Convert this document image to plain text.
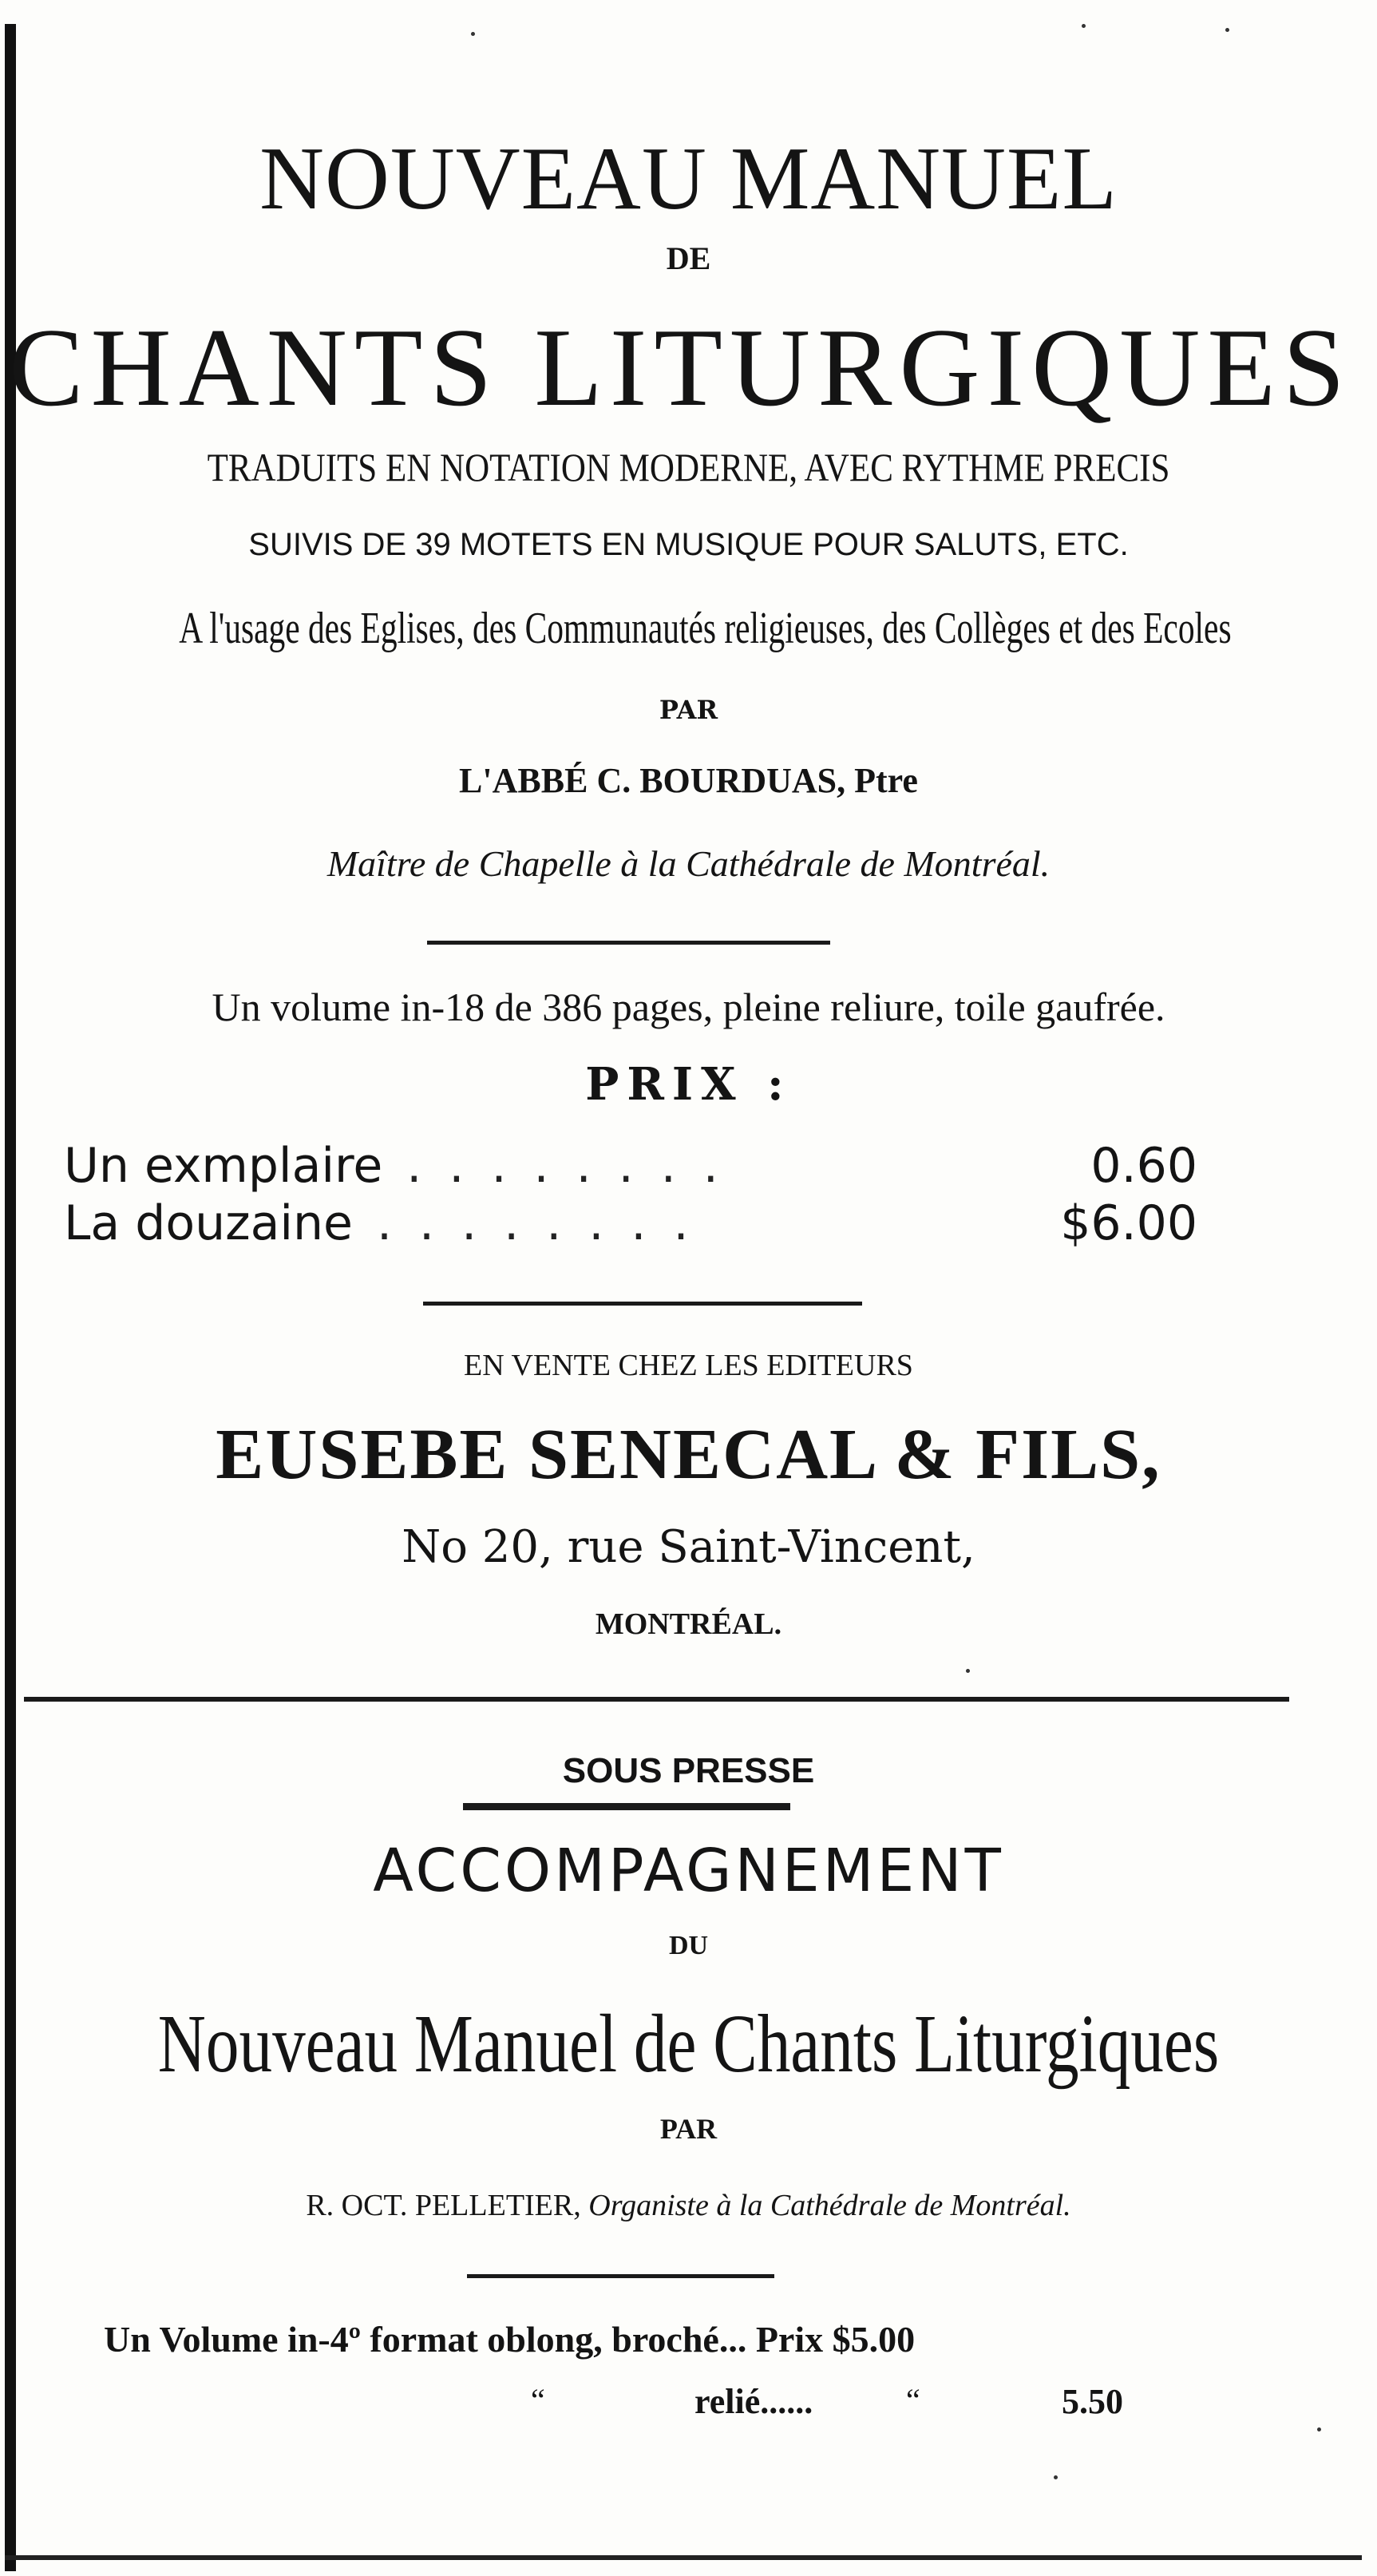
NOUVEAU MANUEL
DE
CHANTS LITURGIQUES
TRADUITS EN NOTATION MODERNE, AVEC RYTHME PRECIS
SUIVIS DE 39 MOTETS EN MUSIQUE POUR SALUTS, ETC.
A l'usage des Eglises, des Communautés religieuses, des Collèges et des Ecoles
PAR
L'ABBÉ C. BOURDUAS, Ptre
Maître de Chapelle à la Cathédrale de Montréal.
Un volume in-18 de 386 pages, pleine reliure, toile gaufrée.
PRIX :
Un exmplaire ........	0.60
La douzaine ........	$6.00
EN VENTE CHEZ LES EDITEURS
EUSEBE SENECAL & FILS,
No 20, rue Saint-Vincent,
MONTRÉAL.
SOUS PRESSE
ACCOMPAGNEMENT
DU
Nouveau Manuel de Chants Liturgiques
PAR
R. OCT. PELLETIER, Organiste à la Cathédrale de Montréal.
Un Volume in-4º format oblong, broché... Prix $5.00
“	relié......	“	5.50
